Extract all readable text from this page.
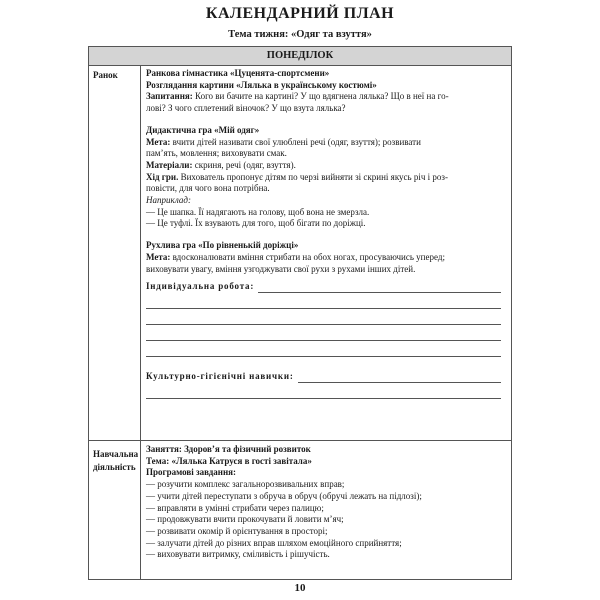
КАЛЕНДАРНИЙ ПЛАН
Тема тижня: «Одяг та взуття»
ПОНЕДІЛОК
Ранок	Ранкова гімнастика «Цуценята-спортсмени»
Розглядання картини «Лялька в українському костюмі»
Запитання: Кого ви бачите на картині? У що вдягнена лялька? Що в неї на го-
лові? З чого сплетений віночок? У що взута лялька?
Дидактична гра «Мій одяг»
Мета: вчити дітей називати свої улюблені речі (одяг, взуття); розвивати
пам’ять, мовлення; виховувати смак.
Матеріали: скриня, речі (одяг, взуття).
Хід гри. Вихователь пропонує дітям по черзі вийняти зі скрині якусь річ і роз-
повісти, для чого вона потрібна.
Наприклад:
— Це шапка. Її надягають на голову, щоб вона не змерзла.
— Це туфлі. Їх взувають для того, щоб бігати по доріжці.
Рухлива гра «По рівненькій доріжці»
Мета: вдосконалювати вміння стрибати на обох ногах, просуваючись уперед;
виховувати увагу, вміння узгоджувати свої рухи з рухами інших дітей.
Індивідуальна робота:
Культурно-гігієнічні навички:
Навчальна діяльність
Заняття: Здоров’я та фізичний розвиток
Тема: «Лялька Катруся в гості завітала»
Програмові завдання:
— розучити комплекс загальнорозвивальних вправ;
— учити дітей переступати з обруча в обруч (обручі лежать на підлозі);
— вправляти в умінні стрибати через палицю;
— продовжувати вчити прокочувати й ловити м’яч;
— розвивати окомір й орієнтування в просторі;
— залучати дітей до різних вправ шляхом емоційного сприйняття;
— виховувати витримку, сміливість і рішучість.
10
